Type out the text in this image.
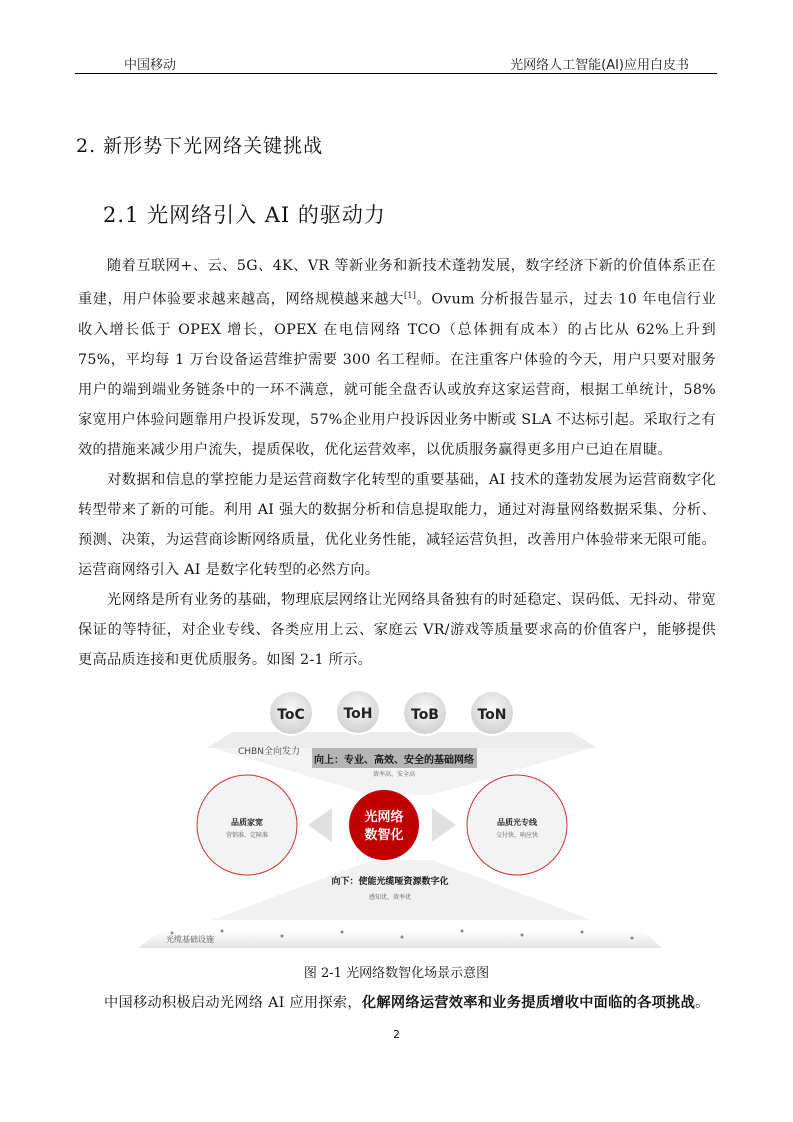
中国移动	光网络人工智能(AI)应用白皮书
2. 新形势下光网络关键挑战
2.1 光网络引入 AI 的驱动力

随着互联网+、云、5G、4K、VR 等新业务和新技术蓬勃发展，数字经济下新的价值体系正在重建，用户体验要求越来越高，网络规模越来越大[1]。Ovum 分析报告显示，过去 10 年电信行业收入增长低于 OPEX 增长，OPEX 在电信网络 TCO（总体拥有成本）的占比从 62%上升到 75%，平均每 1 万台设备运营维护需要 300 名工程师。在注重客户体验的今天，用户只要对服务用户的端到端业务链条中的一环不满意，就可能全盘否认或放弃这家运营商，根据工单统计，58%家宽用户体验问题靠用户投诉发现，57%企业用户投诉因业务中断或 SLA 不达标引起。采取行之有效的措施来减少用户流失，提质保收，优化运营效率，以优质服务赢得更多用户已迫在眉睫。

对数据和信息的掌控能力是运营商数字化转型的重要基础，AI 技术的蓬勃发展为运营商数字化转型带来了新的可能。利用 AI 强大的数据分析和信息提取能力，通过对海量网络数据采集、分析、预测、决策，为运营商诊断网络质量，优化业务性能，减轻运营负担，改善用户体验带来无限可能。运营商网络引入 AI 是数字化转型的必然方向。

光网络是所有业务的基础，物理底层网络让光网络具备独有的时延稳定、误码低、无抖动、带宽保证的等特征，对企业专线、各类应用上云、家庭云 VR/游戏等质量要求高的价值客户，能够提供更高品质连接和更优质服务。如图 2-1 所示。

ToC	ToH	ToB	ToN
CHBN全向发力
向上：专业、高效、安全的基础网络
效率高、安全高
品质家宽
营销准、定障准
品质光专线
交付快、响应快
光网络
数智化
向下：使能光缆哑资源数字化
感知优、效率优
光缆基础设施
图 2-1 光网络数智化场景示意图
中国移动积极启动光网络 AI 应用探索，化解网络运营效率和业务提质增收中面临的各项挑战。
2
